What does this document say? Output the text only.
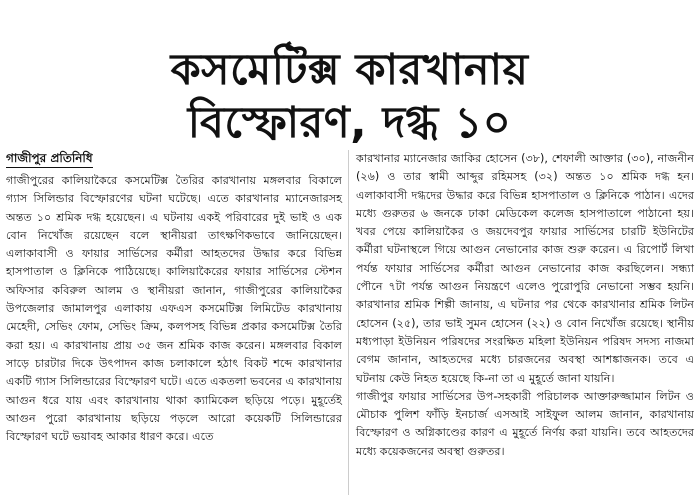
কসমেটিক্স কারখানায়
বিস্ফোরণ, দগ্ধ ১০
গাজীপুর প্রতিনিধি

গাজীপুরের কালিয়াকৈরে কসমেটিক্স তৈরির কারখানায় মঙ্গলবার বিকালে গ্যাস সিলিন্ডার বিস্ফোরণের ঘটনা ঘটেছে। এতে কারখানার ম্যানেজারসহ অন্তত ১০ শ্রমিক দগ্ধ হয়েছেন। এ ঘটনায় একই পরিবারের দুই ভাই ও এক বোন নিখোঁজ রয়েছেন বলে স্থানীয়রা তাৎক্ষণিকভাবে জানিয়েছেন। এলাকাবাসী ও ফায়ার সার্ভিসের কর্মীরা আহতদের উদ্ধার করে বিভিন্ন হাসপাতাল ও ক্লিনিকে পাঠিয়েছে। কালিয়াকৈরের ফায়ার সার্ভিসের স্টেশন অফিসার কবিরুল আলম ও স্থানীয়রা জানান, গাজীপুরের কালিয়াকৈর উপজেলার জামালপুর এলাকায় এফএস কসমেটিক্স লিমিটেড কারখানায় মেহেদী, সেভিং ফোম, সেভিং ক্রিম, কলপসহ বিভিন্ন প্রকার কসমেটিক্স তৈরি করা হয়। এ কারখানায় প্রায় ৩৫ জন শ্রমিক কাজ করেন। মঙ্গলবার বিকাল সাড়ে চারটার দিকে উৎপাদন কাজ চলাকালে হঠাৎ বিকট শব্দে কারখানার একটি গ্যাস সিলিন্ডারের বিস্ফোরণ ঘটে। এতে একতলা ভবনের এ কারখানায় আগুন ধরে যায় এবং কারখানায় থাকা ক্যামিকেল ছড়িয়ে পড়ে। মুহূর্তেই আগুন পুরো কারখানায় ছড়িয়ে পড়লে আরো কয়েকটি সিলিন্ডারের বিস্ফোরণ ঘটে ভয়াবহ আকার ধারণ করে। এতে

কারখানার ম্যানেজার জাকির হোসেন (৩৮), শেফালী আক্তার (৩০), নাজনীন (২৬) ও তার স্বামী আব্দুর রহিমসহ (৩২) অন্তত ১০ শ্রমিক দগ্ধ হন। এলাকাবাসী দগ্ধদের উদ্ধার করে বিভিন্ন হাসপাতাল ও ক্লিনিকে পাঠান। এদের মধ্যে গুরুতর ৬ জনকে ঢাকা মেডিকেল কলেজ হাসপাতালে পাঠানো হয়। খবর পেয়ে কালিয়াকৈর ও জয়দেবপুর ফায়ার সার্ভিসের চারটি ইউনিটের কর্মীরা ঘটনাস্থলে গিয়ে আগুন নেভানোর কাজ শুরু করেন। এ রিপোর্ট লিখা পর্যন্ত ফায়ার সার্ভিসের কর্মীরা আগুন নেভানোর কাজ করছিলেন। সন্ধ্যা পৌনে ৭টা পর্যন্ত আগুন নিয়ন্ত্রণে এলেও পুরোপুরি নেভানো সম্ভব হয়নি। কারখানার শ্রমিক শিল্পী জানায়, এ ঘটনার পর থেকে কারখানার শ্রমিক লিটন হোসেন (২৫), তার ভাই সুমন হোসেন (২২) ও বোন নিখোঁজ রয়েছে। স্থানীয় মধ্যপাড়া ইউনিয়ন পরিষদের সংরক্ষিত মহিলা ইউনিয়ন পরিষদ সদস্য নাজমা বেগম জানান, আহতদের মধ্যে চারজনের অবস্থা আশঙ্কাজনক। তবে এ ঘটনায় কেউ নিহত হয়েছে কি-না তা এ মুহূর্তে জানা যায়নি।

গাজীপুর ফায়ার সার্ভিসের উপ-সহকারী পরিচালক আক্তারুজ্জামান লিটন ও মৌচাক পুলিশ ফাঁড়ি ইনচার্জ এসআই সাইফুল আলম জানান, কারখানায় বিস্ফোরণ ও অগ্নিকাণ্ডের কারণ এ মুহূর্তে নির্ণয় করা যায়নি। তবে আহতদের মধ্যে কয়েকজনের অবস্থা গুরুতর।
